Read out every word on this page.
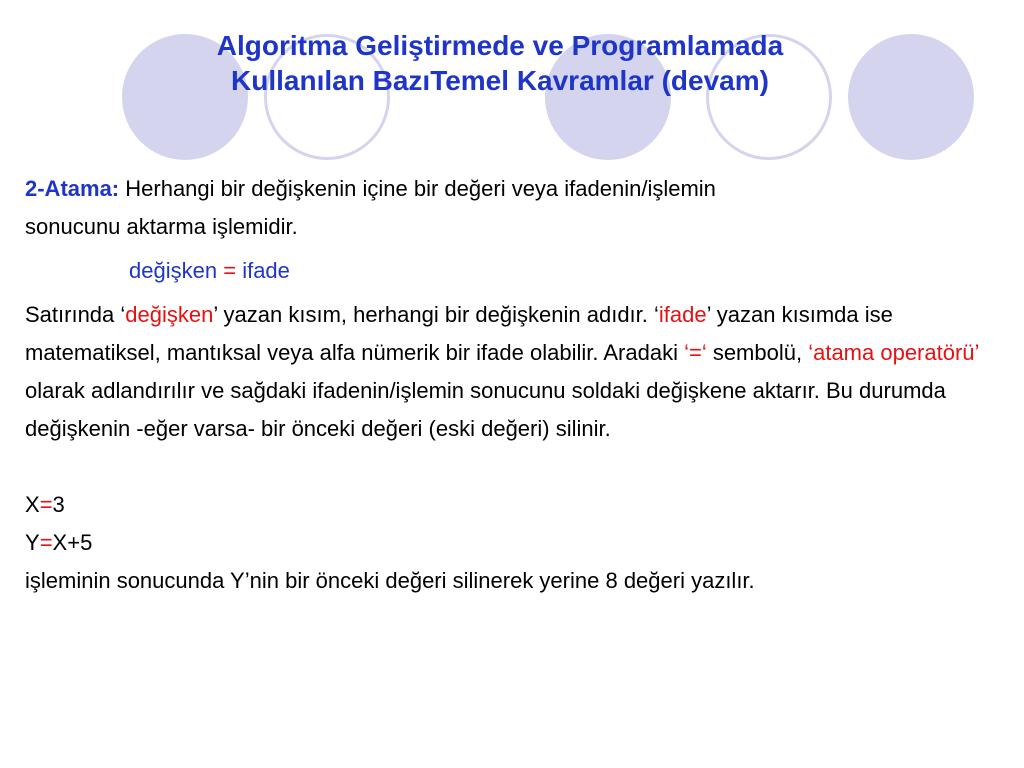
Algoritma Geliştirmede ve Programlamada
Kullanılan BazıTemel Kavramlar (devam)

2-Atama: Herhangi bir değişkenin içine bir değeri veya ifadenin/işlemin
sonucunu aktarma işlemidir.

değişken = ifade

Satırında ‘değişken’ yazan kısım, herhangi bir değişkenin adıdır. ‘ifade’ yazan kısımda ise matematiksel, mantıksal veya alfa nümerik bir ifade olabilir. Aradaki ‘=‘ sembolü, ‘atama operatörü’ olarak adlandırılır ve sağdaki ifadenin/işlemin sonucunu soldaki değişkene aktarır. Bu durumda değişkenin -eğer varsa- bir önceki değeri (eski değeri) silinir.

X=3

Y=X+5

işleminin sonucunda Y’nin bir önceki değeri silinerek yerine 8 değeri yazılır.
